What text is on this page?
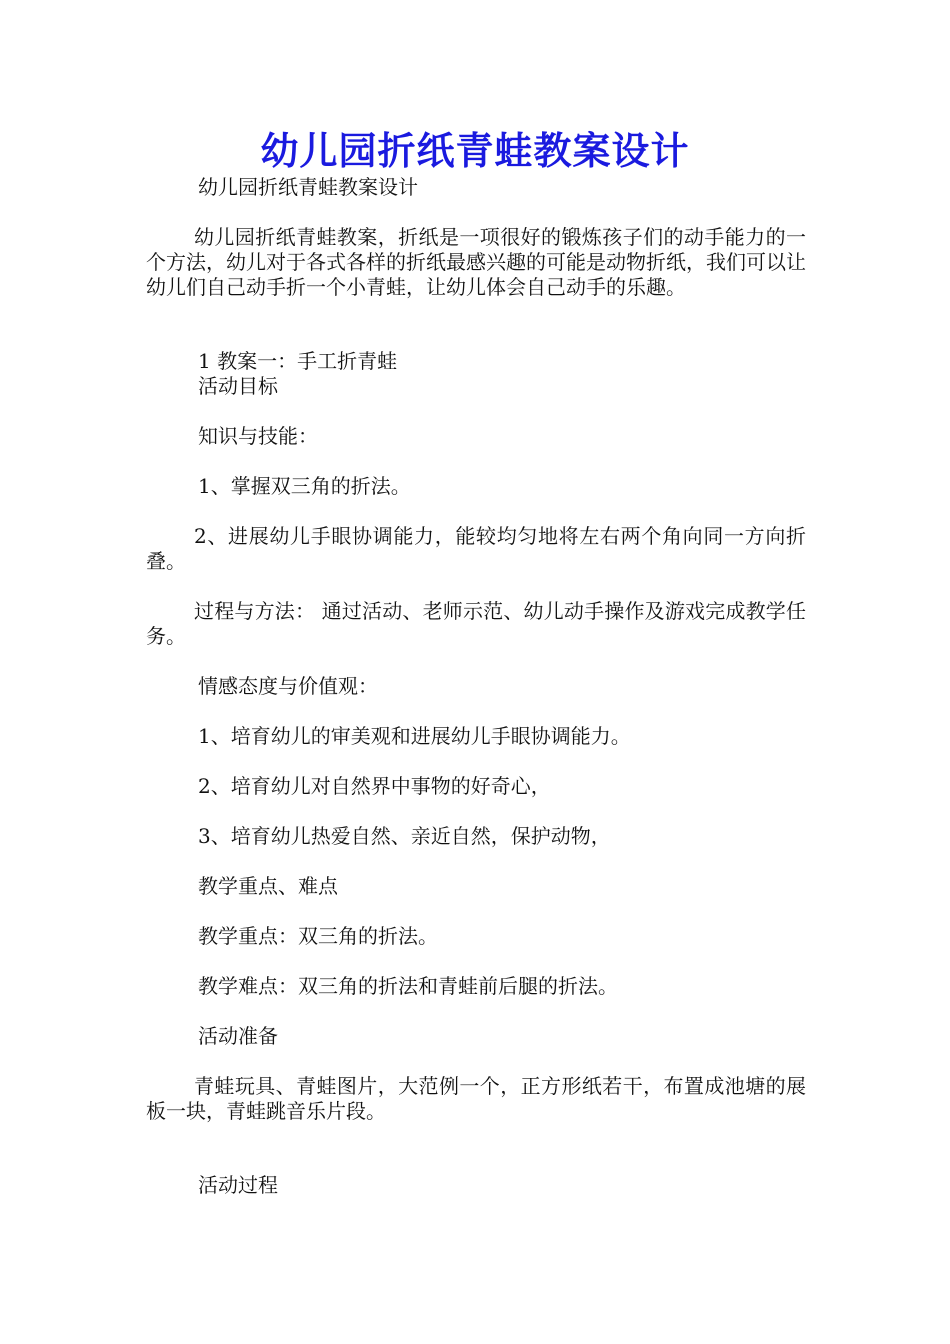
幼儿园折纸青蛙教案设计

幼儿园折纸青蛙教案设计

幼儿园折纸青蛙教案，折纸是一项很好的锻炼孩子们的动手能力的一个方法，幼儿对于各式各样的折纸最感兴趣的可能是动物折纸，我们可以让幼儿们自己动手折一个小青蛙，让幼儿体会自己动手的乐趣。

1 教案一：手工折青蛙

活动目标

知识与技能：

1、掌握双三角的折法。

2、进展幼儿手眼协调能力，能较均匀地将左右两个角向同一方向折叠。

过程与方法： 通过活动、老师示范、幼儿动手操作及游戏完成教学任务。

情感态度与价值观：

1、培育幼儿的审美观和进展幼儿手眼协调能力。

2、培育幼儿对自然界中事物的好奇心，

3、培育幼儿热爱自然、亲近自然，保护动物，

教学重点、难点

教学重点：双三角的折法。

教学难点：双三角的折法和青蛙前后腿的折法。

活动准备

青蛙玩具、青蛙图片，大范例一个，正方形纸若干，布置成池塘的展板一块，青蛙跳音乐片段。

活动过程
